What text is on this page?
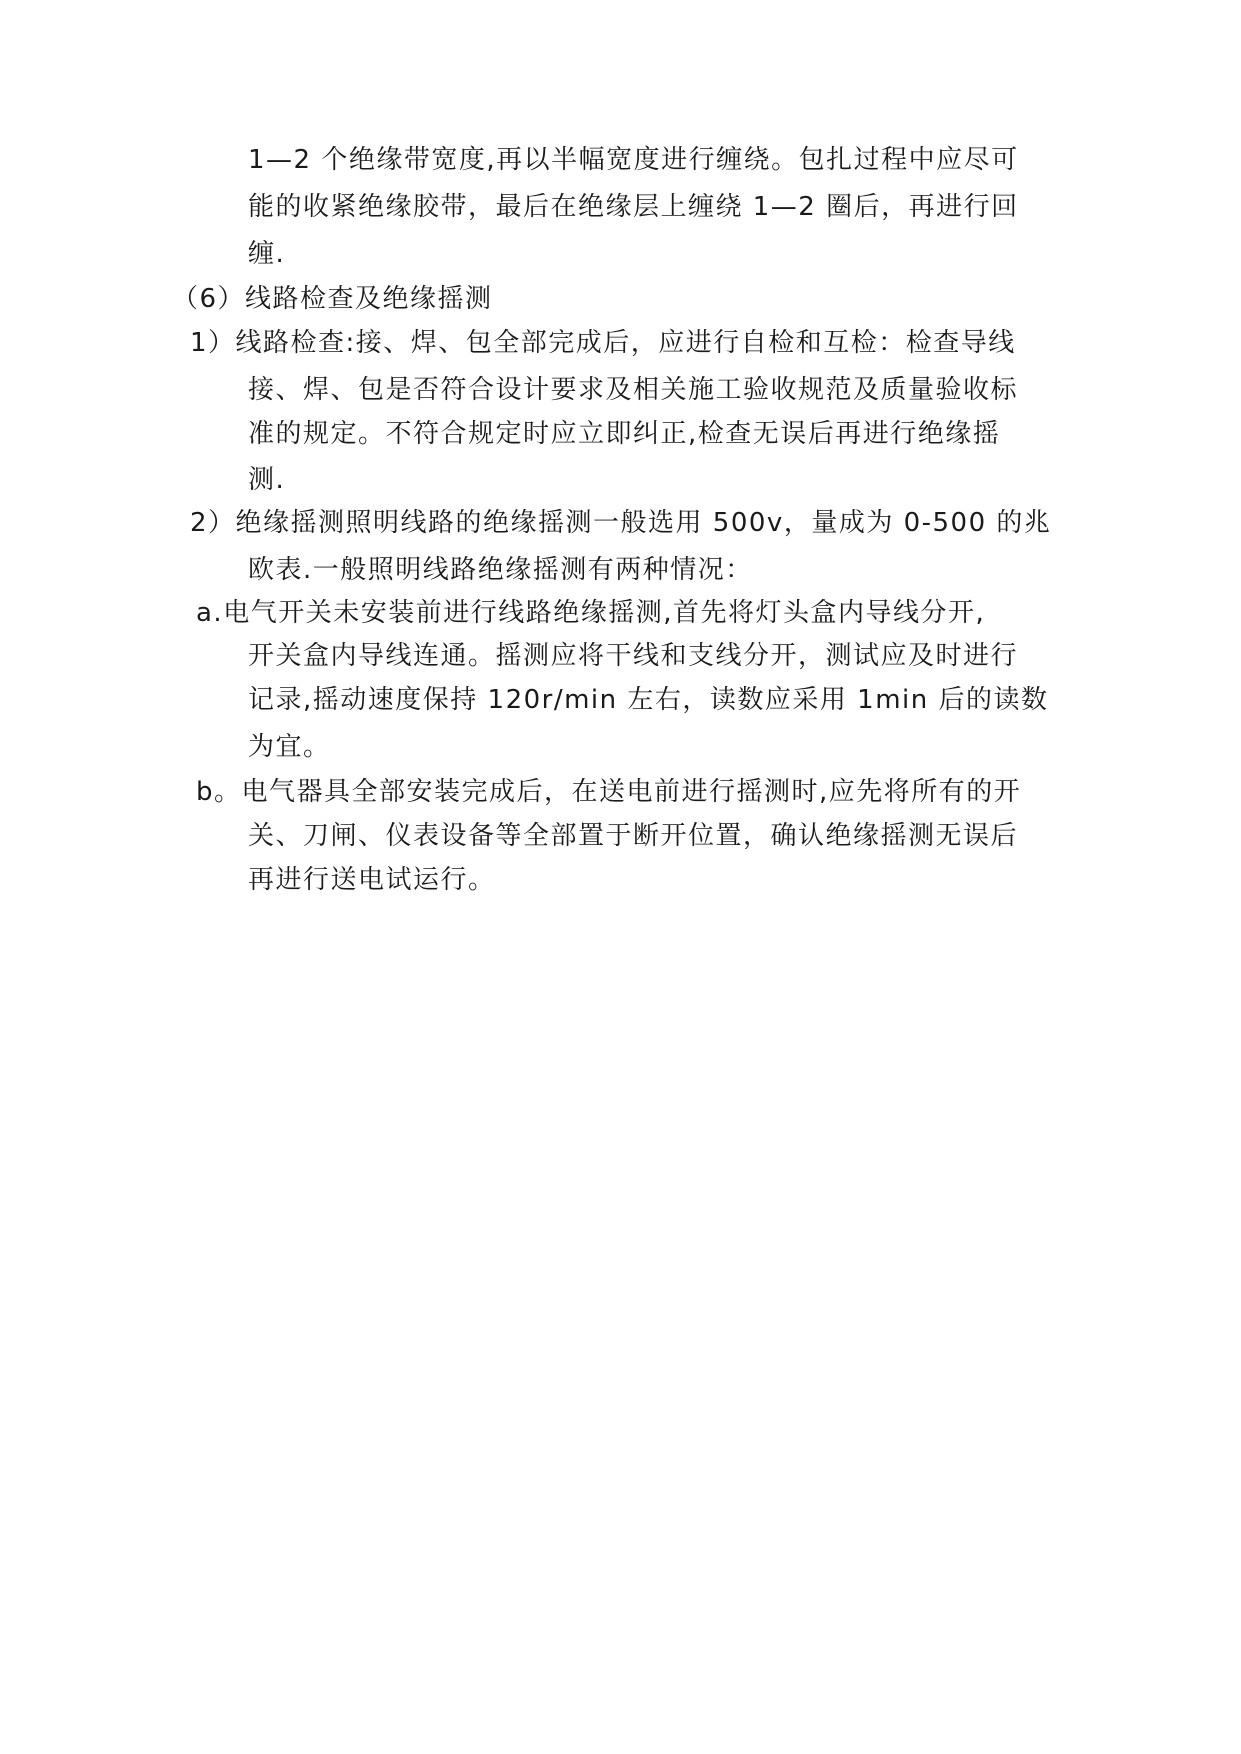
1—2 个绝缘带宽度,再以半幅宽度进行缠绕。包扎过程中应尽可
能的收紧绝缘胶带，最后在绝缘层上缠绕 1—2 圈后，再进行回
缠.
（6）线路检查及绝缘摇测
1）线路检查:接、焊、包全部完成后，应进行自检和互检：检查导线
接、焊、包是否符合设计要求及相关施工验收规范及质量验收标
准的规定。不符合规定时应立即纠正,检查无误后再进行绝缘摇
测.
2）绝缘摇测照明线路的绝缘摇测一般选用 500v，量成为 0-500 的兆
欧表.一般照明线路绝缘摇测有两种情况：
a.电气开关未安装前进行线路绝缘摇测,首先将灯头盒内导线分开,
开关盒内导线连通。摇测应将干线和支线分开，测试应及时进行
记录,摇动速度保持 120r/min 左右，读数应采用 1min 后的读数
为宜。
b。电气器具全部安装完成后，在送电前进行摇测时,应先将所有的开
关、刀闸、仪表设备等全部置于断开位置，确认绝缘摇测无误后
再进行送电试运行。
